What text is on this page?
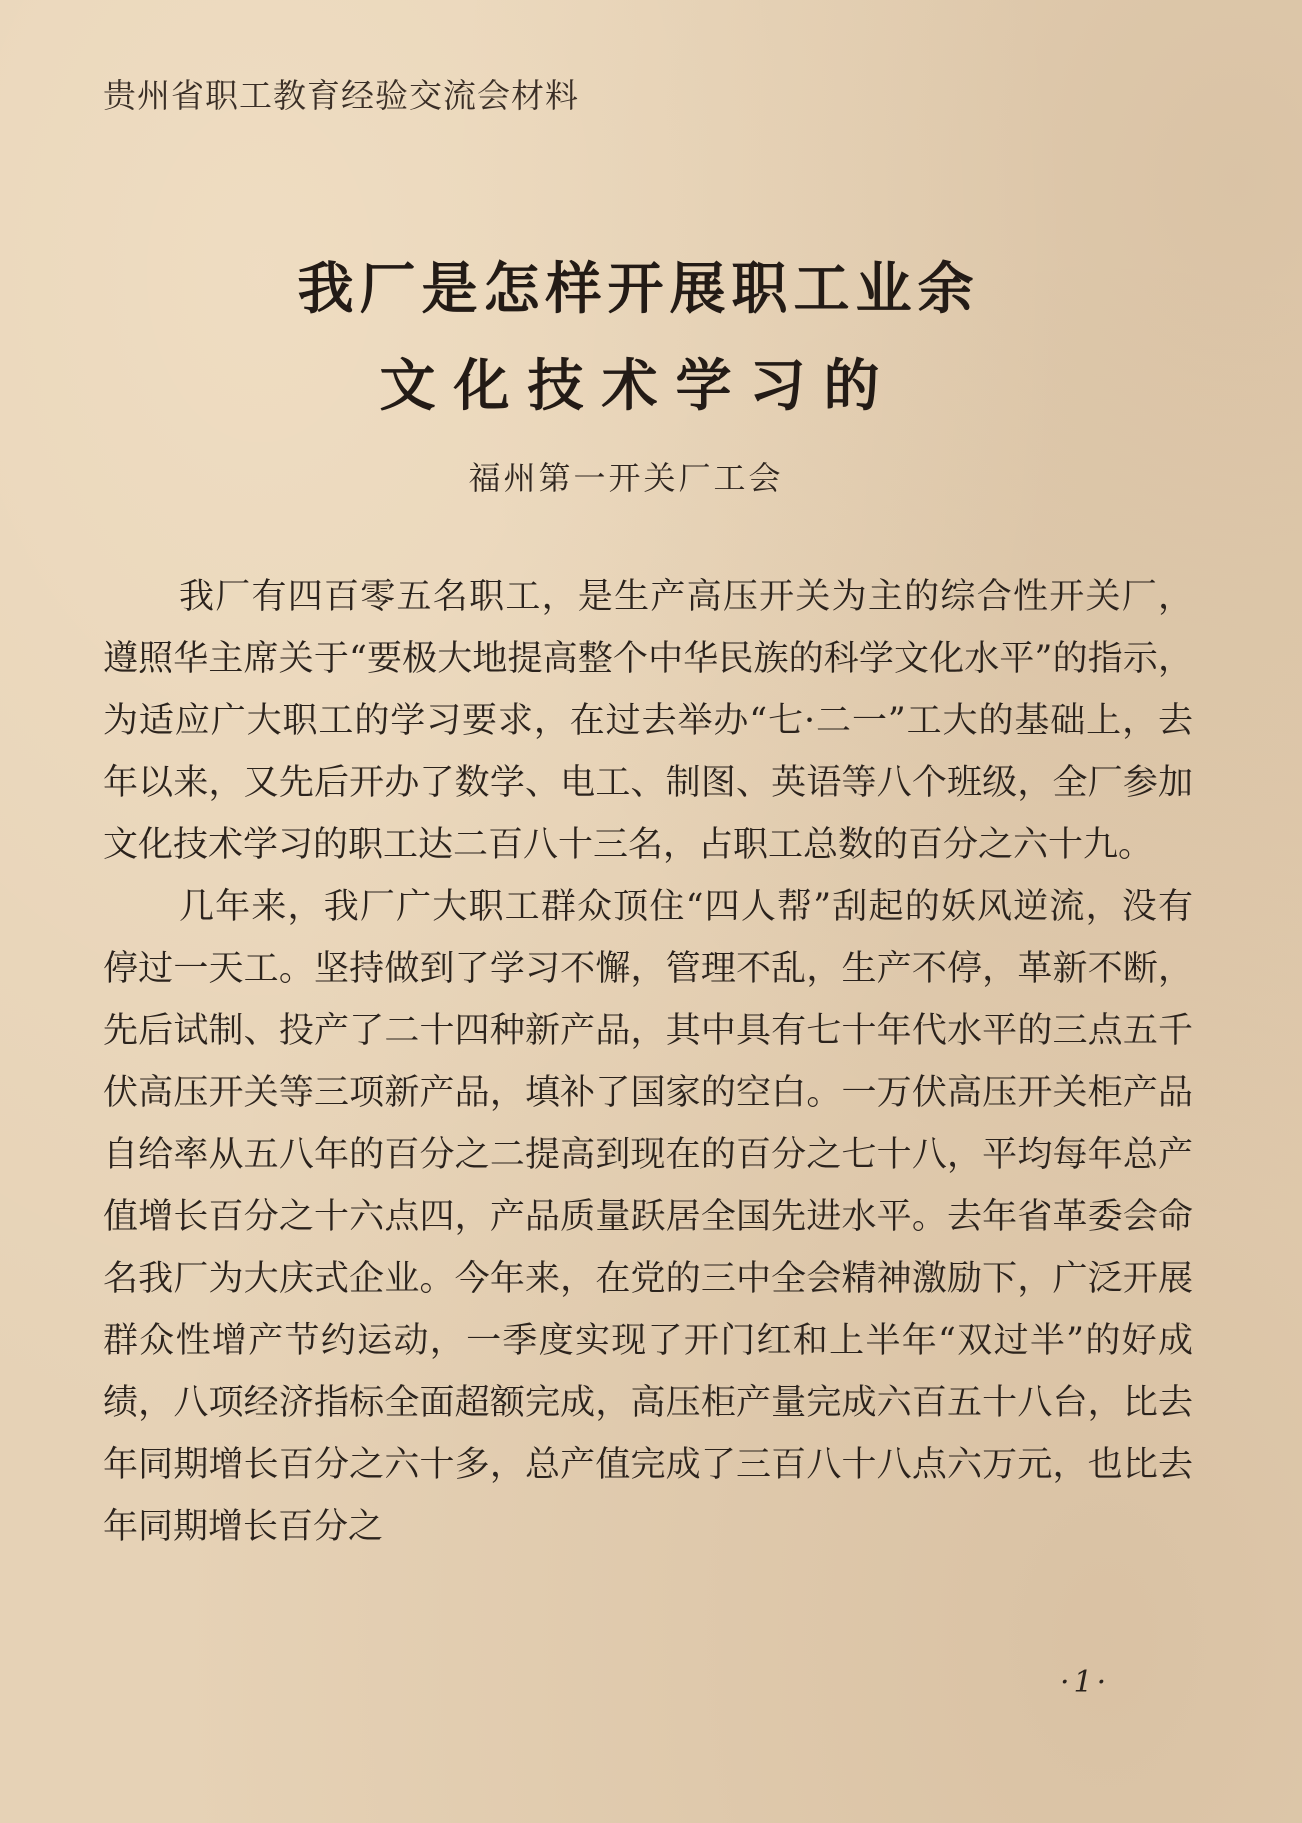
贵州省职工教育经验交流会材料
我厂是怎样开展职工业余
文化技术学习的
福州第一开关厂工会

我厂有四百零五名职工，是生产高压开关为主的综合性开关厂，遵照华主席关于“要极大地提高整个中华民族的科学文化水平”的指示，为适应广大职工的学习要求，在过去举办“七·二一”工大的基础上，去年以来，又先后开办了数学、电工、制图、英语等八个班级，全厂参加文化技术学习的职工达二百八十三名，占职工总数的百分之六十九。

几年来，我厂广大职工群众顶住“四人帮”刮起的妖风逆流，没有停过一天工。坚持做到了学习不懈，管理不乱，生产不停，革新不断，先后试制、投产了二十四种新产品，其中具有七十年代水平的三点五千伏高压开关等三项新产品，填补了国家的空白。一万伏高压开关柜产品自给率从五八年的百分之二提高到现在的百分之七十八，平均每年总产值增长百分之十六点四，产品质量跃居全国先进水平。去年省革委会命名我厂为大庆式企业。今年来，在党的三中全会精神激励下，广泛开展群众性增产节约运动，一季度实现了开门红和上半年“双过半”的好成绩，八项经济指标全面超额完成，高压柜产量完成六百五十八台，比去年同期增长百分之六十多，总产值完成了三百八十八点六万元，也比去年同期增长百分之

·1·
